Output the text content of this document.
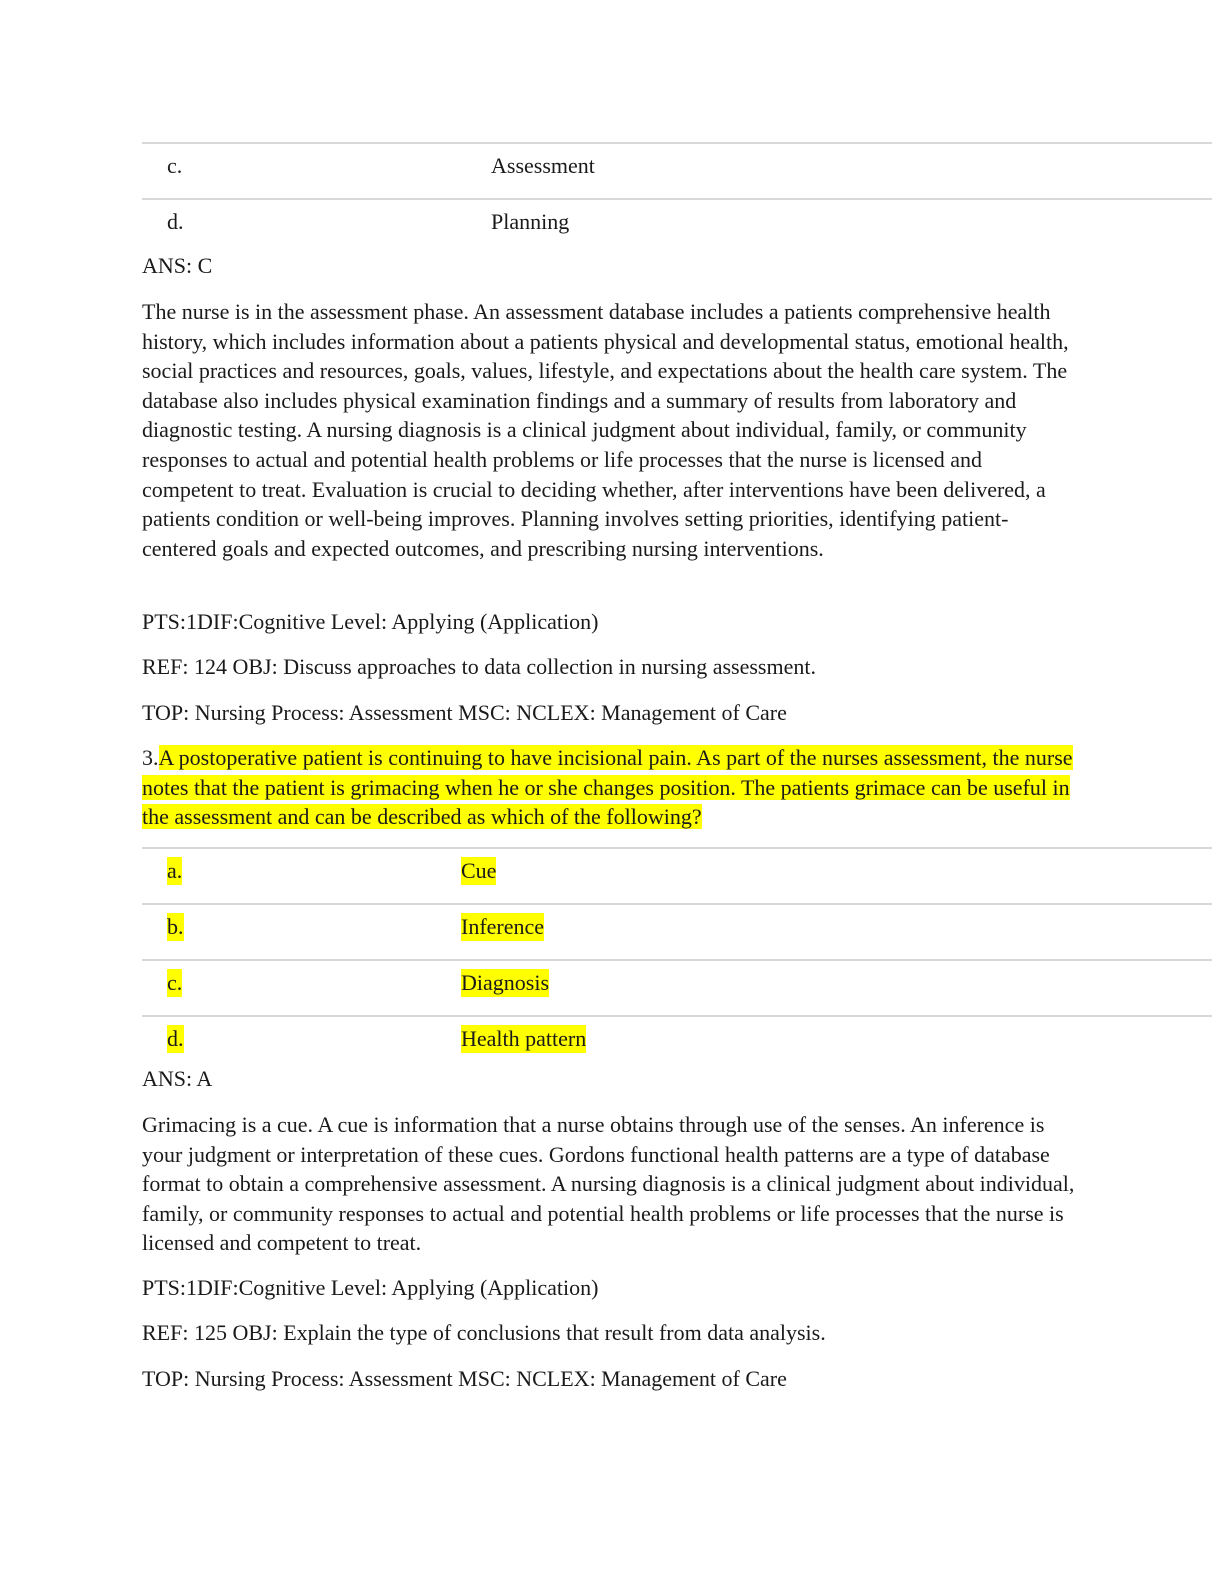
c.	Assessment
d.	Planning
ANS: C
The nurse is in the assessment phase. An assessment database includes a patients comprehensive health history, which includes information about a patients physical and developmental status, emotional health, social practices and resources, goals, values, lifestyle, and expectations about the health care system. The database also includes physical examination findings and a summary of results from laboratory and diagnostic testing. A nursing diagnosis is a clinical judgment about individual, family, or community responses to actual and potential health problems or life processes that the nurse is licensed and competent to treat. Evaluation is crucial to deciding whether, after interventions have been delivered, a patients condition or well-being improves. Planning involves setting priorities, identifying patient-centered goals and expected outcomes, and prescribing nursing interventions.
PTS:1DIF:Cognitive Level: Applying (Application)
REF: 124 OBJ: Discuss approaches to data collection in nursing assessment.
TOP: Nursing Process: Assessment MSC: NCLEX: Management of Care
3.A postoperative patient is continuing to have incisional pain. As part of the nurses assessment, the nurse notes that the patient is grimacing when he or she changes position. The patients grimace can be useful in the assessment and can be described as which of the following?
a.	Cue
b.	Inference
c.	Diagnosis
d.	Health pattern
ANS: A
Grimacing is a cue. A cue is information that a nurse obtains through use of the senses. An inference is your judgment or interpretation of these cues. Gordons functional health patterns are a type of database format to obtain a comprehensive assessment. A nursing diagnosis is a clinical judgment about individual, family, or community responses to actual and potential health problems or life processes that the nurse is licensed and competent to treat.
PTS:1DIF:Cognitive Level: Applying (Application)
REF: 125 OBJ: Explain the type of conclusions that result from data analysis.
TOP: Nursing Process: Assessment MSC: NCLEX: Management of Care
